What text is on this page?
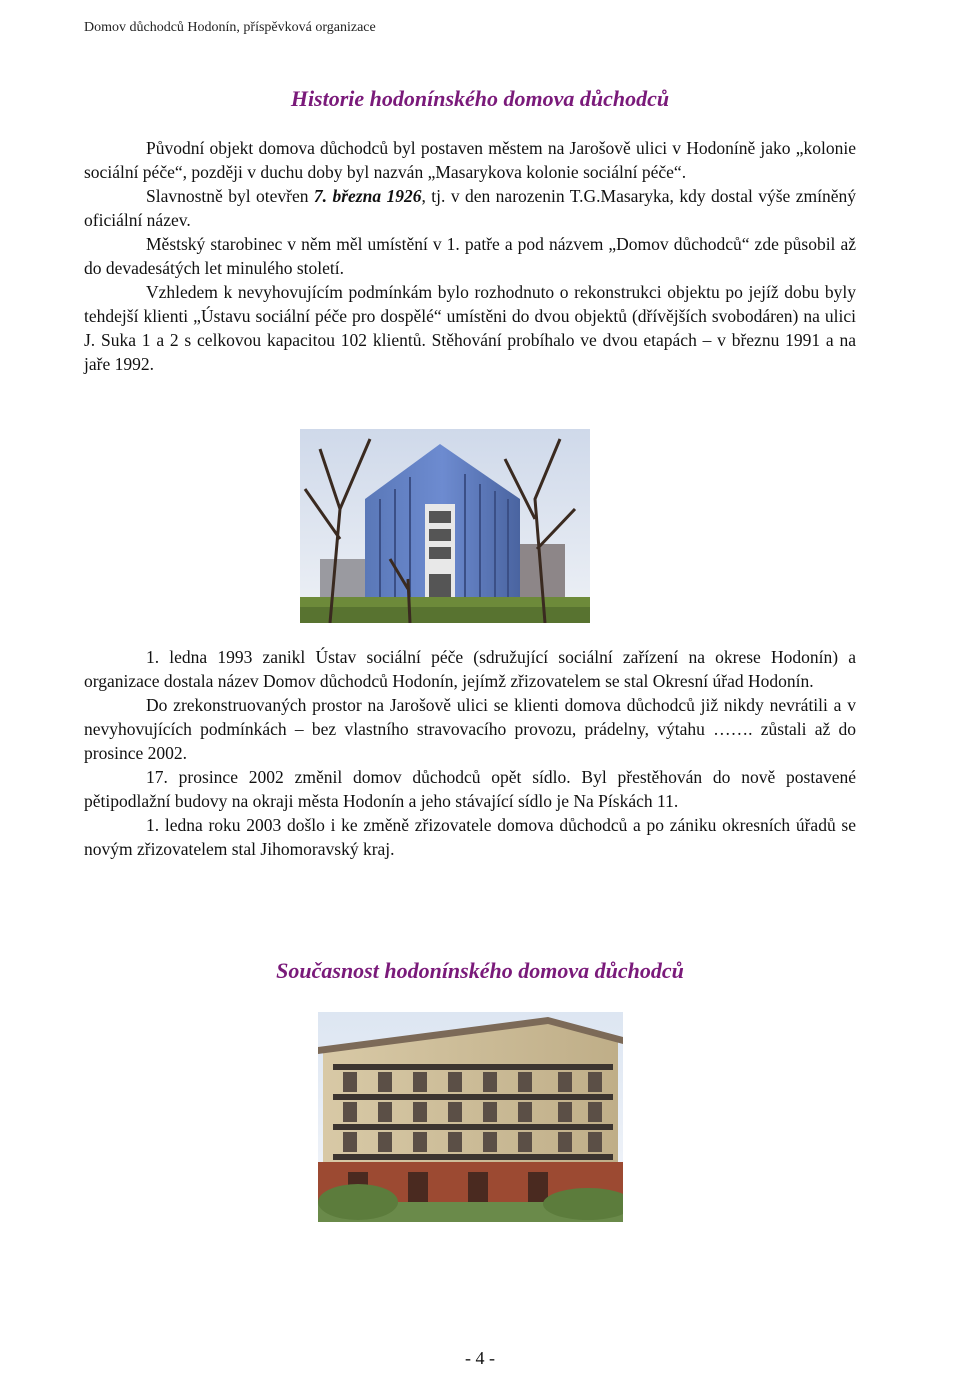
Domov důchodců Hodonín, příspěvková organizace
Historie hodonínského domova důchodců

Původní objekt domova důchodců byl postaven městem na Jarošově ulici v Hodoníně jako „kolonie sociální péče“, později v duchu doby byl nazván „Masarykova kolonie sociální péče“.

Slavnostně byl otevřen 7. března 1926, tj. v den narozenin T.G.Masaryka, kdy dostal výše zmíněný oficiální název.

Městský starobinec v něm měl umístění v 1. patře a pod názvem „Domov důchodců“ zde působil až do devadesátých let minulého století.

Vzhledem k nevyhovujícím podmínkám bylo rozhodnuto o rekonstrukci objektu po jejíž dobu byly tehdejší klienti „Ústavu sociální péče pro dospělé“ umístěni do dvou objektů (dřívějších svobodáren) na ulici J. Suka 1 a 2 s celkovou kapacitou 102 klientů. Stěhování probíhalo ve dvou etapách – v březnu 1991 a na jaře 1992.

1. ledna 1993 zanikl Ústav sociální péče (sdružující sociální zařízení na okrese Hodonín) a organizace dostala název Domov důchodců Hodonín, jejímž zřizovatelem se stal Okresní úřad Hodonín.

Do zrekonstruovaných prostor na Jarošově ulici se klienti domova důchodců již nikdy nevrátili a v nevyhovujících podmínkách – bez vlastního stravovacího provozu, prádelny, výtahu ……. zůstali až do prosince 2002.

17. prosince 2002 změnil domov důchodců opět sídlo. Byl přestěhován do nově postavené pětipodlažní budovy na okraji města Hodonín a jeho stávající sídlo je Na Pískách 11.

1. ledna roku 2003 došlo i ke změně zřizovatele domova důchodců a po zániku okresních úřadů se novým zřizovatelem stal Jihomoravský kraj.

Současnost hodonínského domova důchodců
- 4 -
